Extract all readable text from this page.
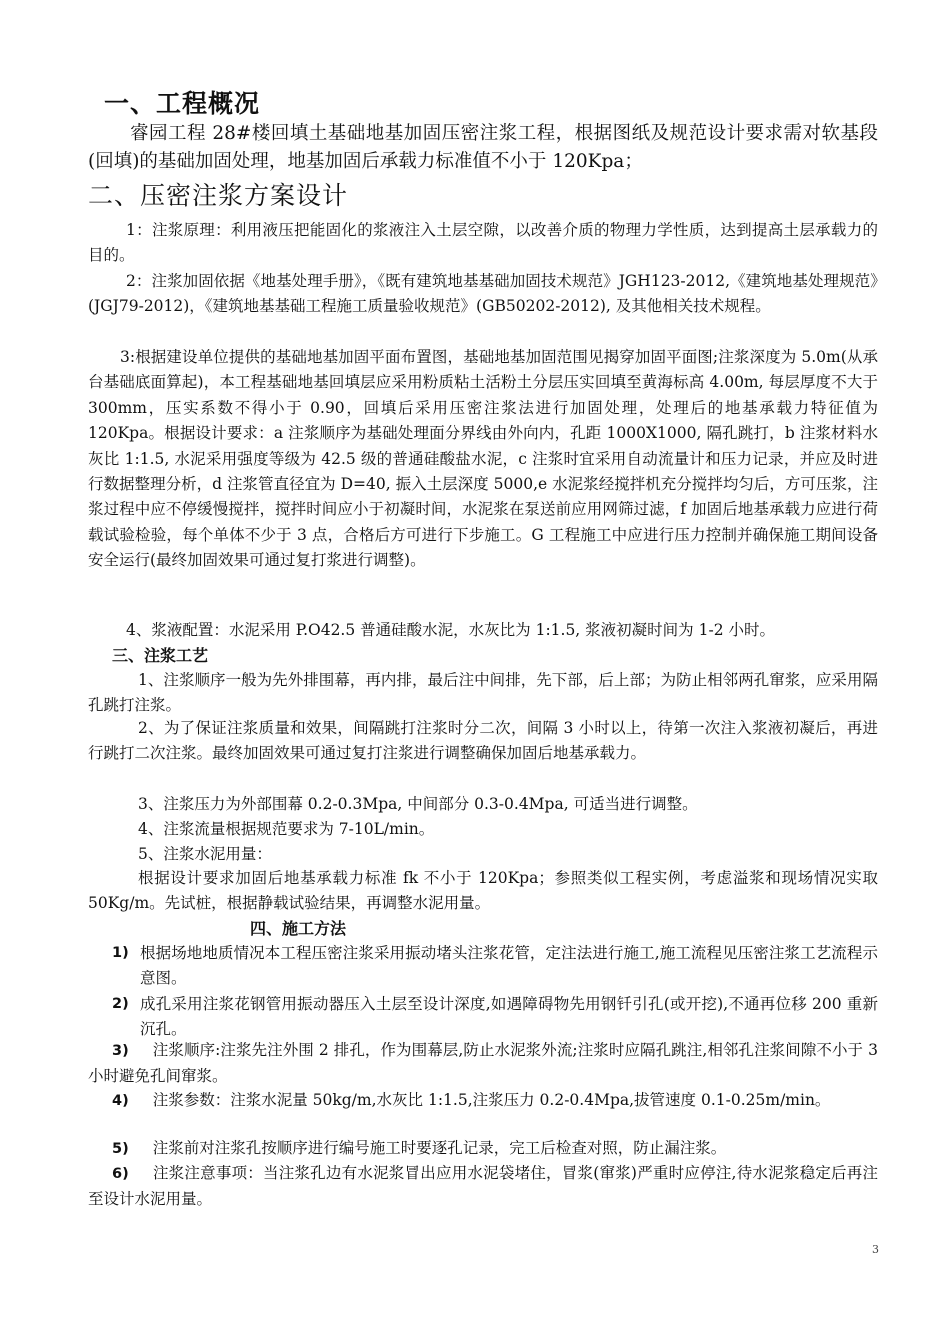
一、工程概况

睿园工程 28#楼回填土基础地基加固压密注浆工程，根据图纸及规范设计要求需对软基段(回填)的基础加固处理，地基加固后承载力标准值不小于 120Kpa；

二、压密注浆方案设计

1：注浆原理：利用液压把能固化的浆液注入土层空隙，以改善介质的物理力学性质，达到提高土层承载力的目的。

2：注浆加固依据《地基处理手册》，《既有建筑地基基础加固技术规范》JGH123-2012,《建筑地基处理规范》(JGJ79-2012)，《建筑地基基础工程施工质量验收规范》(GB50202-2012), 及其他相关技术规程。

3:根据建设单位提供的基础地基加固平面布置图，基础地基加固范围见揭穿加固平面图;注浆深度为 5.0m(从承台基础底面算起)，本工程基础地基回填层应采用粉质粘土活粉土分层压实回填至黄海标高 4.00m, 每层厚度不大于 300mm，压实系数不得小于 0.90，回填后采用压密注浆法进行加固处理，处理后的地基承载力特征值为 120Kpa。根据设计要求：a 注浆顺序为基础处理面分界线由外向内，孔距 1000X1000, 隔孔跳打，b 注浆材料水灰比 1:1.5, 水泥采用强度等级为 42.5 级的普通硅酸盐水泥，c 注浆时宜采用自动流量计和压力记录，并应及时进行数据整理分析，d 注浆管直径宜为 D=40, 振入土层深度 5000,e 水泥浆经搅拌机充分搅拌均匀后，方可压浆，注浆过程中应不停缓慢搅拌，搅拌时间应小于初凝时间，水泥浆在泵送前应用网筛过滤，f 加固后地基承载力应进行荷载试验检验，每个单体不少于 3 点，合格后方可进行下步施工。G 工程施工中应进行压力控制并确保施工期间设备安全运行(最终加固效果可通过复打浆进行调整)。

4、浆液配置：水泥采用 P.O42.5 普通硅酸水泥，水灰比为 1:1.5, 浆液初凝时间为 1-2 小时。

三、注浆工艺

1、注浆顺序一般为先外排围幕，再内排，最后注中间排，先下部，后上部；为防止相邻两孔窜浆，应采用隔孔跳打注浆。

2、为了保证注浆质量和效果，间隔跳打注浆时分二次，间隔 3 小时以上，待第一次注入浆液初凝后，再进行跳打二次注浆。最终加固效果可通过复打注浆进行调整确保加固后地基承载力。

3、注浆压力为外部围幕 0.2-0.3Mpa, 中间部分 0.3-0.4Mpa, 可适当进行调整。

4、注浆流量根据规范要求为 7-10L/min。

5、注浆水泥用量：

根据设计要求加固后地基承载力标准 fk 不小于 120Kpa；参照类似工程实例，考虑溢浆和现场情况实取 50Kg/m。先试桩，根据静载试验结果，再调整水泥用量。

四、施工方法
1) 根据场地地质情况本工程压密注浆采用振动堵头注浆花管，定注法进行施工,施工流程见压密注浆工艺流程示意图。
2) 成孔采用注浆花钢管用振动器压入土层至设计深度,如遇障碍物先用钢钎引孔(或开挖),不通再位移 200 重新沉孔。

3) 注浆顺序:注浆先注外围 2 排孔，作为围幕层,防止水泥浆外流;注浆时应隔孔跳注,相邻孔注浆间隙不小于 3 小时避免孔间窜浆。

4) 注浆参数：注浆水泥量 50kg/m,水灰比 1:1.5,注浆压力 0.2-0.4Mpa,拔管速度 0.1-0.25m/min。

5) 注浆前对注浆孔按顺序进行编号施工时要逐孔记录，完工后检查对照，防止漏注浆。

6) 注浆注意事项：当注浆孔边有水泥浆冒出应用水泥袋堵住，冒浆(窜浆)严重时应停注,待水泥浆稳定后再注至设计水泥用量。

3
